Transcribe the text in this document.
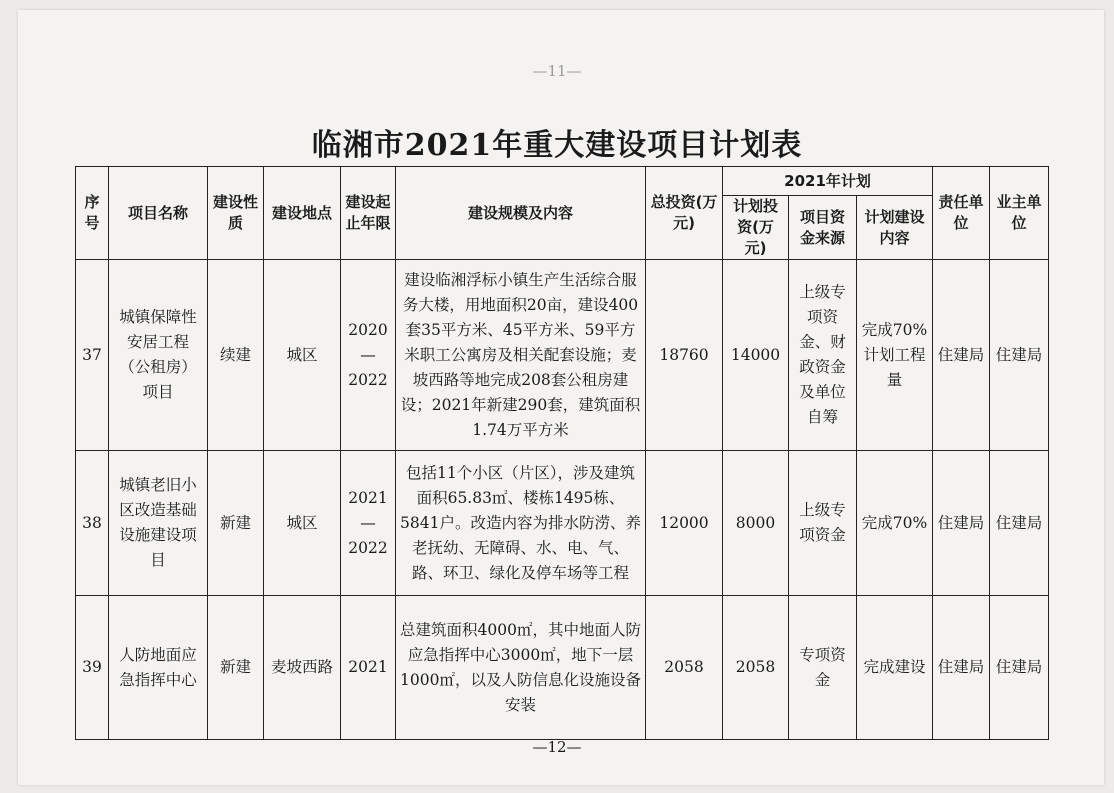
—11—
临湘市2021年重大建设项目计划表
序号	项目名称	建设性质	建设地点	建设起止年限	建设规模及内容	总投资(万元)	2021年计划			责任单位	业主单位
							计划投资(万元)	项目资金来源	计划建设内容		
37	城镇保障性安居工程（公租房）项目	续建	城区	2020—2022	建设临湘浮标小镇生产生活综合服务大楼，用地面积20亩，建设400套35平方米、45平方米、59平方米职工公寓房及相关配套设施；麦坡西路等地完成208套公租房建设；2021年新建290套，建筑面积1.74万平方米	18760	14000	上级专项资金、财政资金及单位自筹	完成70%计划工程量	住建局	住建局
38	城镇老旧小区改造基础设施建设项目	新建	城区	2021—2022	包括11个小区（片区），涉及建筑面积65.83㎡、楼栋1495栋、5841户。改造内容为排水防涝、养老抚幼、无障碍、水、电、气、路、环卫、绿化及停车场等工程	12000	8000	上级专项资金	完成70%	住建局	住建局
39	人防地面应急指挥中心	新建	麦坡西路	2021	总建筑面积4000㎡，其中地面人防应急指挥中心3000㎡，地下一层1000㎡，以及人防信息化设施设备安装	2058	2058	专项资金	完成建设	住建局	住建局
—12—
